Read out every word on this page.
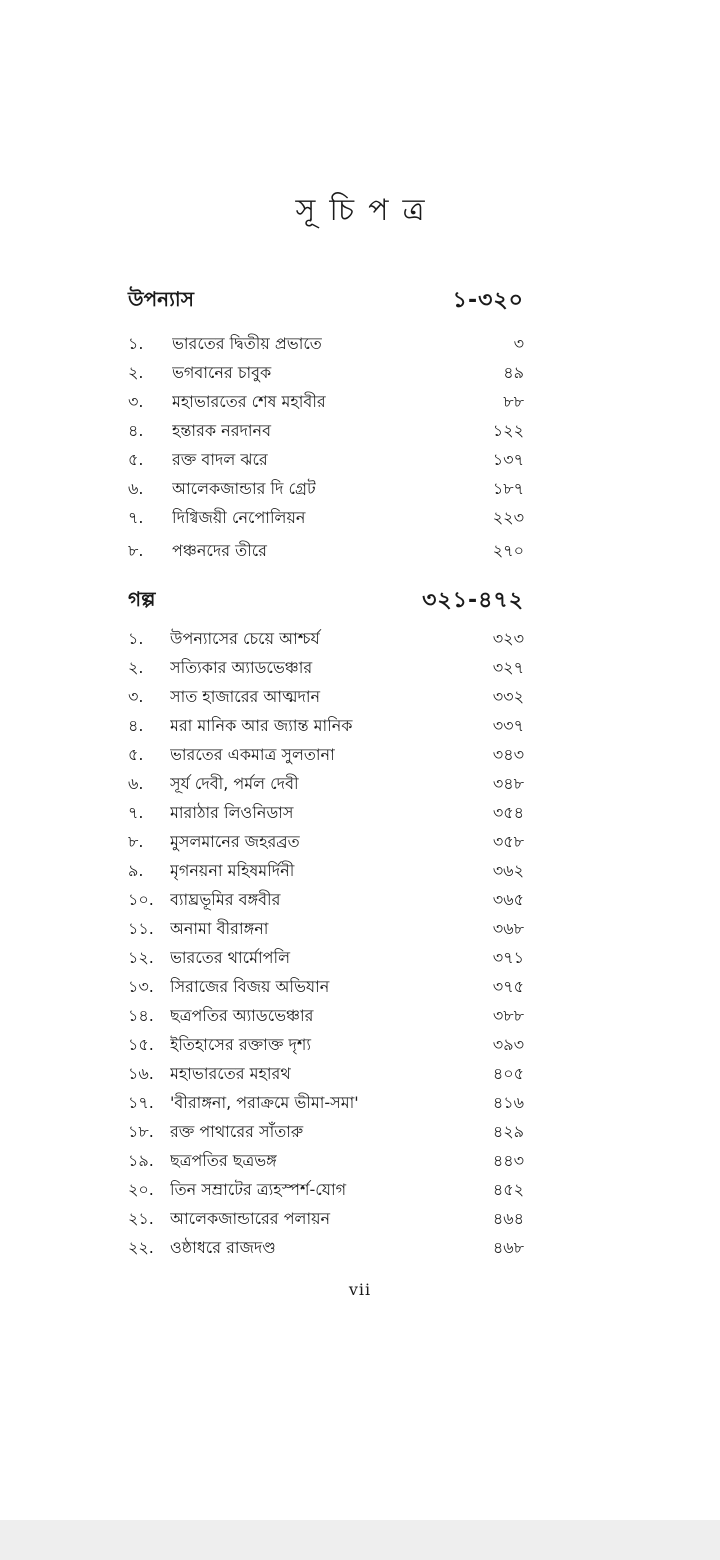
সূচিপত্র
উপন্যাস	১-৩২০
১.	ভারতের দ্বিতীয় প্রভাতে	৩
২.	ভগবানের চাবুক	৪৯
৩.	মহাভারতের শেষ মহাবীর	৮৮
৪.	হন্তারক নরদানব	১২২
৫.	রক্ত বাদল ঝরে	১৩৭
৬.	আলেকজান্ডার দি গ্রেট	১৮৭
৭.	দিগ্বিজয়ী নেপোলিয়ন	২২৩
৮.	পঞ্চনদের তীরে	২৭০
গল্প	৩২১-৪৭২
১.	উপন্যাসের চেয়ে আশ্চর্য	৩২৩
২.	সত্যিকার অ্যাডভেঞ্চার	৩২৭
৩.	সাত হাজারের আত্মদান	৩৩২
৪.	মরা মানিক আর জ্যান্ত মানিক	৩৩৭
৫.	ভারতের একমাত্র সুলতানা	৩৪৩
৬.	সূর্য দেবী, পর্মল দেবী	৩৪৮
৭.	মারাঠার লিওনিডাস	৩৫৪
৮.	মুসলমানের জহরব্রত	৩৫৮
৯.	মৃগনয়না মহিষমর্দিনী	৩৬২
১০.	ব্যাঘ্রভূমির বঙ্গবীর	৩৬৫
১১.	অনামা বীরাঙ্গনা	৩৬৮
১২.	ভারতের থার্মোপলি	৩৭১
১৩.	সিরাজের বিজয় অভিযান	৩৭৫
১৪.	ছত্রপতির অ্যাডভেঞ্চার	৩৮৮
১৫.	ইতিহাসের রক্তাক্ত দৃশ্য	৩৯৩
১৬.	মহাভারতের মহারথ	৪০৫
১৭.	'বীরাঙ্গনা, পরাক্রমে ভীমা-সমা'	৪১৬
১৮.	রক্ত পাথারের সাঁতারু	৪২৯
১৯.	ছত্রপতির ছত্রভঙ্গ	৪৪৩
২০.	তিন সম্রাটের ত্র্যহস্পর্শ-যোগ	৪৫২
২১.	আলেকজান্ডারের পলায়ন	৪৬৪
২২.	ওষ্ঠাধরে রাজদণ্ড	৪৬৮
vii
